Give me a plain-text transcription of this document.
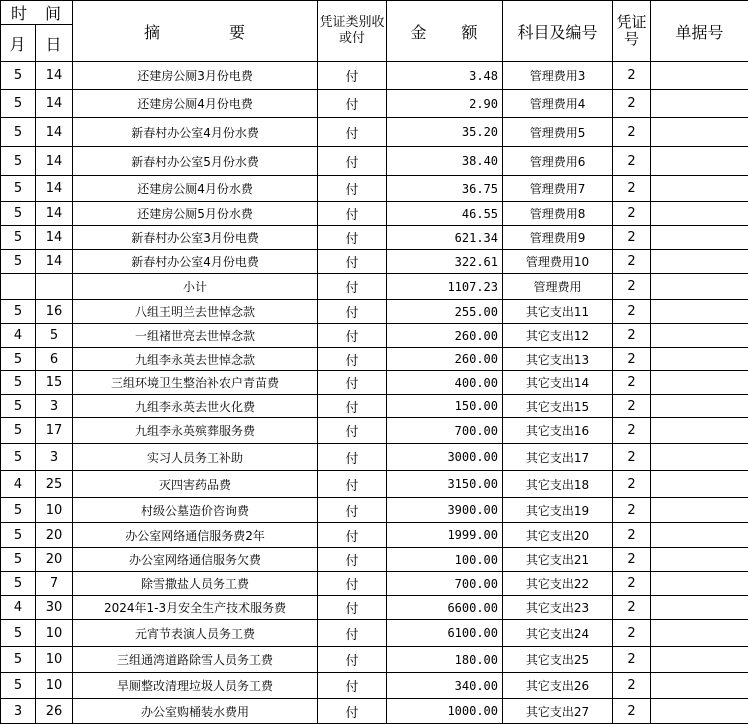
时　间		摘　　　　要	凭证类别收或付	金　　额	科目及编号	凭证号	单据号
月	日						
5	14	还建房公厕3月份电费	付	3.48	管理费用3	2	
5	14	还建房公厕4月份电费	付	2.90	管理费用4	2	
5	14	新春村办公室4月份水费	付	35.20	管理费用5	2	
5	14	新春村办公室5月份水费	付	38.40	管理费用6	2	
5	14	还建房公厕4月份水费	付	36.75	管理费用7	2	
5	14	还建房公厕5月份水费	付	46.55	管理费用8	2	
5	14	新春村办公室3月份电费	付	621.34	管理费用9	2	
5	14	新春村办公室4月份电费	付	322.61	管理费用10	2	
		小计	付	1107.23	管理费用	2	
5	16	八组王明兰去世悼念款	付	255.00	其它支出11	2	
4	5	一组褚世亮去世悼念款	付	260.00	其它支出12	2	
5	6	九组李永英去世悼念款	付	260.00	其它支出13	2	
5	15	三组环境卫生整治补农户青苗费	付	400.00	其它支出14	2	
5	3	九组李永英去世火化费	付	150.00	其它支出15	2	
5	17	九组李永英殡葬服务费	付	700.00	其它支出16	2	
5	3	实习人员务工补助	付	3000.00	其它支出17	2	
4	25	灭四害药品费	付	3150.00	其它支出18	2	
5	10	村级公墓造价咨询费	付	3900.00	其它支出19	2	
5	20	办公室网络通信服务费2年	付	1999.00	其它支出20	2	
5	20	办公室网络通信服务欠费	付	100.00	其它支出21	2	
5	7	除雪撒盐人员务工费	付	700.00	其它支出22	2	
4	30	2024年1-3月安全生产技术服务费	付	6600.00	其它支出23	2	
5	10	元宵节表演人员务工费	付	6100.00	其它支出24	2	
5	10	三组通湾道路除雪人员务工费	付	180.00	其它支出25	2	
5	10	旱厕整改清理垃圾人员务工费	付	340.00	其它支出26	2	
3	26	办公室购桶装水费用	付	1000.00	其它支出27	2	
